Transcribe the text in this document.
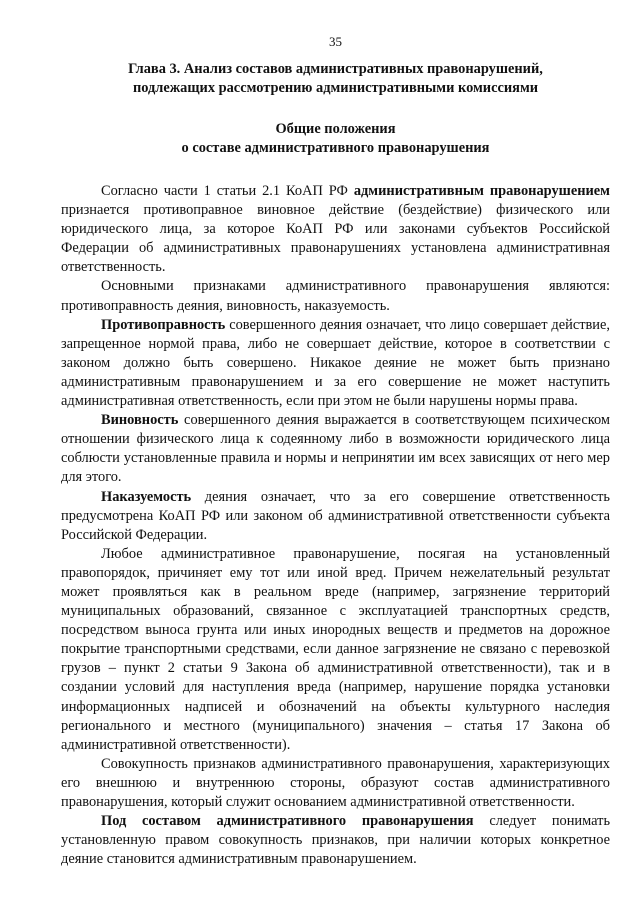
35
Глава 3. Анализ составов административных правонарушений,
подлежащих рассмотрению административными комиссиями
Общие положения
о составе административного правонарушения

Согласно части 1 статьи 2.1 КоАП РФ административным правонарушением признается противоправное виновное действие (бездействие) физического или юридического лица, за которое КоАП РФ или законами субъектов Российской Федерации об административных правонарушениях установлена административная ответственность.

Основными признаками административного правонарушения являются: противоправность деяния, виновность, наказуемость.

Противоправность совершенного деяния означает, что лицо совершает действие, запрещенное нормой права, либо не совершает действие, которое в соответствии с законом должно быть совершено. Никакое деяние не может быть признано административным правонарушением и за его совершение не может наступить административная ответственность, если при этом не были нарушены нормы права.

Виновность совершенного деяния выражается в соответствующем психическом отношении физического лица к содеянному либо в возможности юридического лица соблюсти установленные правила и нормы и непринятии им всех зависящих от него мер для этого.

Наказуемость деяния означает, что за его совершение ответственность предусмотрена КоАП РФ или законом об административной ответственности субъекта Российской Федерации.

Любое административное правонарушение, посягая на установленный правопорядок, причиняет ему тот или иной вред. Причем нежелательный результат может проявляться как в реальном вреде (например, загрязнение территорий муниципальных образований, связанное с эксплуатацией транспортных средств, посредством выноса грунта или иных инородных веществ и предметов на дорожное покрытие транспортными средствами, если данное загрязнение не связано с перевозкой грузов – пункт 2 статьи 9 Закона об административной ответственности), так и в создании условий для наступления вреда (например, нарушение порядка установки информационных надписей и обозначений на объекты культурного наследия регионального и местного (муниципального) значения – статья 17 Закона об административной ответственности).

Совокупность признаков административного правонарушения, характеризующих его внешнюю и внутреннюю стороны, образуют состав административного правонарушения, который служит основанием административной ответственности.

Под составом административного правонарушения следует понимать установленную правом совокупность признаков, при наличии которых конкретное деяние становится административным правонарушением.
